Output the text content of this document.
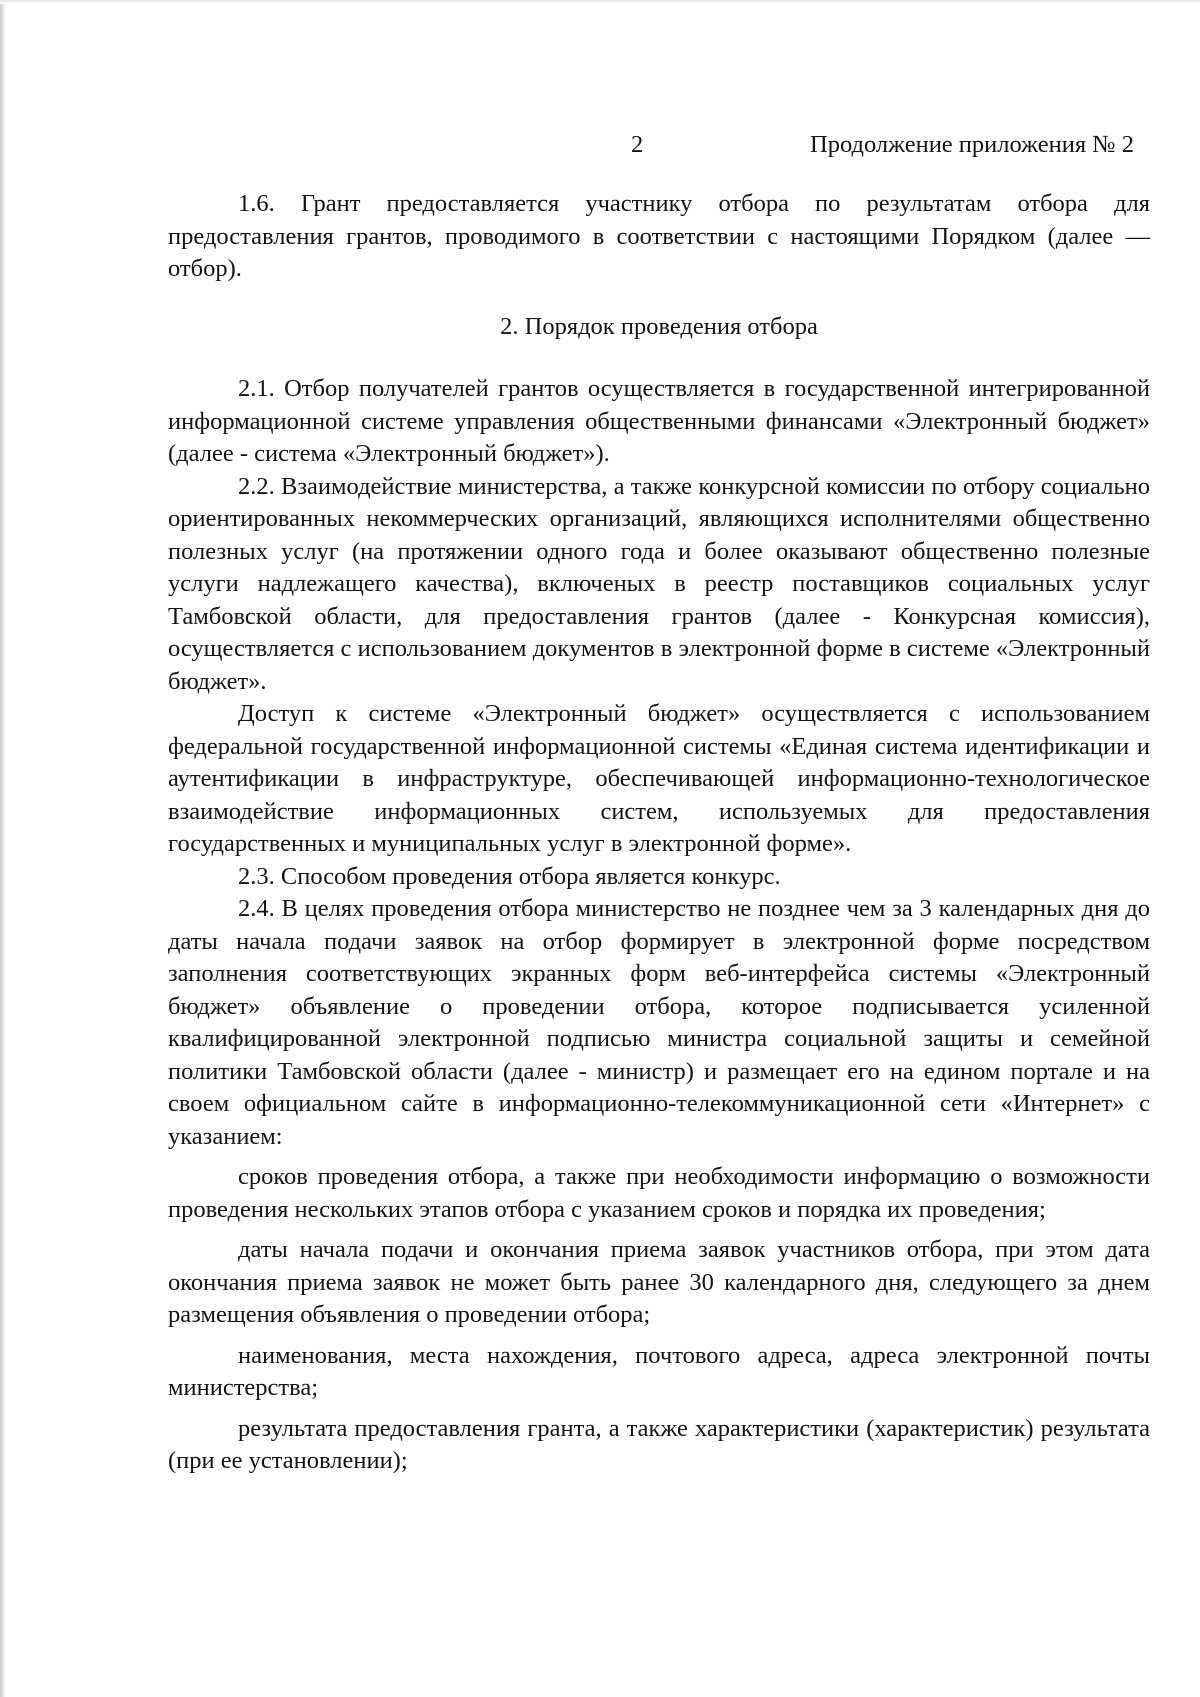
2	Продолжение приложения № 2

1.6. Грант предоставляется участнику отбора по результатам отбора для предоставления грантов, проводимого в соответствии с настоящими Порядком (далее — отбор).

2. Порядок проведения отбора

2.1. Отбор получателей грантов осуществляется в государственной интегрированной информационной системе управления общественными финансами «Электронный бюджет» (далее - система «Электронный бюджет»).

2.2. Взаимодействие министерства, а также конкурсной комиссии по отбору социально ориентированных некоммерческих организаций, являющихся исполнителями общественно полезных услуг (на протяжении одного года и более оказывают общественно полезные услуги надлежащего качества), включеных в реестр поставщиков социальных услуг Тамбовской области, для предоставления грантов (далее - Конкурсная комиссия), осуществляется с использованием документов в электронной форме в системе «Электронный бюджет».

Доступ к системе «Электронный бюджет» осуществляется с использованием федеральной государственной информационной системы «Единая система идентификации и аутентификации в инфраструктуре, обеспечивающей информационно-технологическое взаимодействие информационных систем, используемых для предоставления государственных и муниципальных услуг в электронной форме».

2.3. Способом проведения отбора является конкурс.

2.4. В целях проведения отбора министерство не позднее чем за 3 календарных дня до даты начала подачи заявок на отбор формирует в электронной форме посредством заполнения соответствующих экранных форм веб-интерфейса системы «Электронный бюджет» объявление о проведении отбора, которое подписывается усиленной квалифицированной электронной подписью министра социальной защиты и семейной политики Тамбовской области (далее - министр) и размещает его на едином портале и на своем официальном сайте в информационно-телекоммуникационной сети «Интернет» с указанием:

сроков проведения отбора, а также при необходимости информацию о возможности проведения нескольких этапов отбора с указанием сроков и порядка их проведения;

даты начала подачи и окончания приема заявок участников отбора, при этом дата окончания приема заявок не может быть ранее 30 календарного дня, следующего за днем размещения объявления о проведении отбора;

наименования, места нахождения, почтового адреса, адреса электронной почты министерства;

результата предоставления гранта, а также характеристики (характеристик) результата (при ее установлении);
